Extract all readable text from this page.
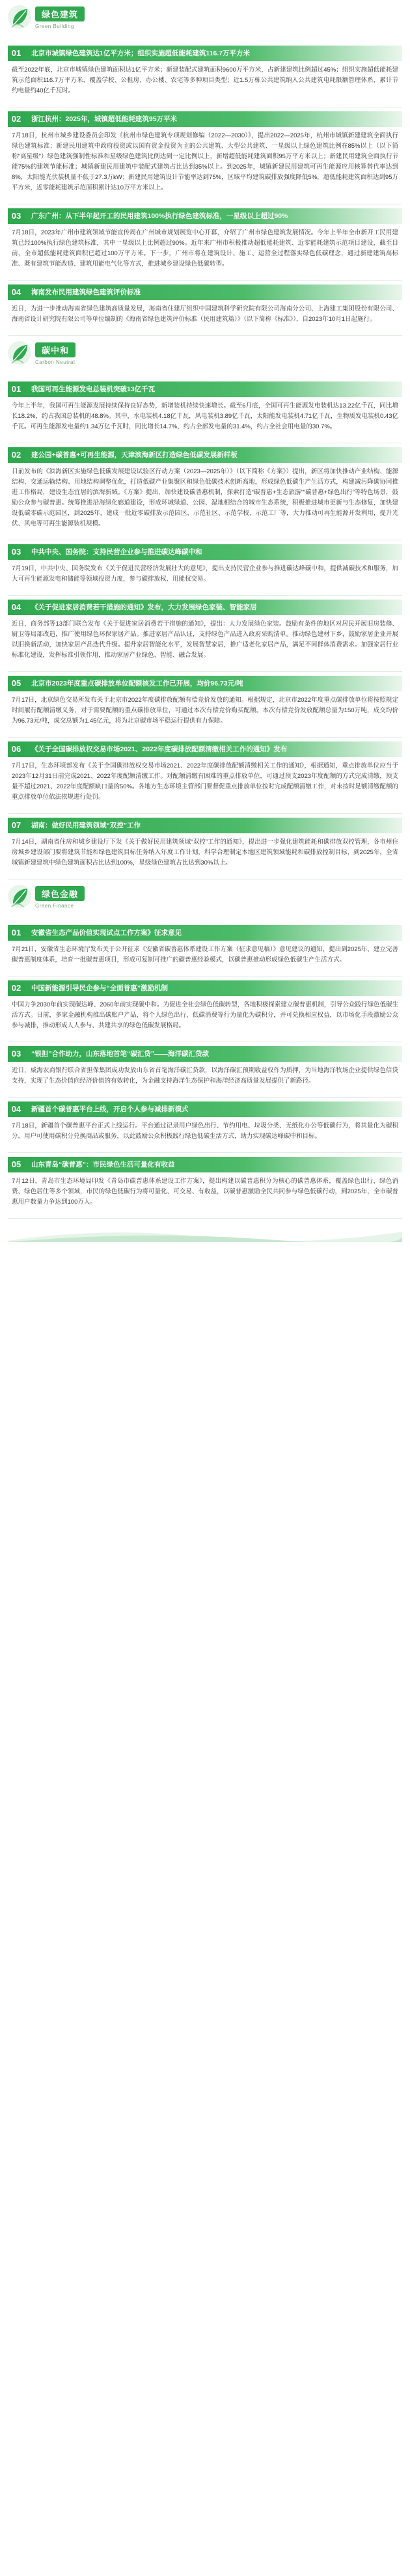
绿色建筑
Green Building
01	北京市城镇绿色建筑达1亿平方米；组织实施超低能耗建筑116.7万平方米

截至2022年底，北京市城镇绿色建筑面积达1亿平方米；新建装配式建筑面积9600万平方米，占新建建筑比例超过45%；组织实施超低能耗建筑示范面积116.7万平方米，覆盖学校、公租房、办公楼、农宅等多种项目类型；近1.5万栋公共建筑纳入公共建筑电耗限额管理体系，累计节约电量约40亿千瓦时。

02	浙江杭州：2025年，城镇超低能耗建筑95万平米

7月18日，杭州市城乡建设委员会印发《杭州市绿色建筑专项规划修编（2022—2030）》，提出2022—2025年，杭州市城镇新建建筑全面执行绿色建筑标准；新建民用建筑中政府投资或以国有资金投资为主的公共建筑、大型公共建筑、一星级以上绿色建筑比例在85%以上（以下简称“高星级”）绿色建筑强制性标准和星级绿色建筑比例达到一定比例以上，新增超低能耗建筑面积95万平方米以上；新建民用建筑全面执行节能75%的建筑节能标准；城镇新建民用建筑中装配式建筑占比达到35%以上。到2025年，城镇新建民用建筑可再生能源应用核算替代率达到8%，太阳能光伏装机量不低于27.3万kW；新建民用建筑设计节能率达到75%，区域平均建筑碳排放强度降低5%，超低能耗建筑面积达到95万平方米，近零能耗建筑示范面积累计达10万平方米以上。

03	广东广州：从下半年起开工的民用建筑100%执行绿色建筑标准，一星级以上超过90%

7月18日，2023年广州市建筑领域节能宣传周在广州城市规划展览中心开幕，介绍了广州市绿色建筑发展情况。今年上半年全市新开工民用建筑已经100%执行绿色建筑标准，其中一星级以上比例超过90%。近年来广州市积极推动超低能耗建筑、近零能耗建筑示范项目建设，截至目前，全市超低能耗建筑面积已超过100万平方米。下一步，广州市将在建筑设计、施工、运营全过程落实绿色低碳理念，通过新建建筑高标准、既有建筑节能改造、建筑用能电气化等方式，推进城乡建设绿色低碳转型。

04	海南发布民用建筑绿色建筑评价标准

近日，为进一步推动海南省绿色建筑高质量发展，海南省住建厅组织中国建筑科学研究院有限公司海南分公司、上海建工集团股份有限公司、海南省设计研究院有限公司等单位编制的《海南省绿色建筑评价标准（民用建筑篇）》（以下简称《标准》），自2023年10月1日起施行。

碳中和
Carbon Neutral
01	我国可再生能源发电总装机突破13亿千瓦

今年上半年，我国可再生能源发展持续保持良好态势，新增装机持续快速增长。截至6月底，全国可再生能源发电装机达13.22亿千瓦，同比增长18.2%，约占我国总装机的48.8%。其中，水电装机4.18亿千瓦，风电装机3.89亿千瓦，太阳能发电装机4.71亿千瓦，生物质发电装机0.43亿千瓦。可再生能源发电量约1.34万亿千瓦时，同比增长14.7%，约占全部发电量的31.4%，约占全社会用电量的30.7%。

02	建公园+碳普惠+可再生能源，天津滨海新区打造绿色低碳发展新样板

日前发布的《滨海新区实施绿色低碳发展建设试验区行动方案（2023—2025年）》（以下简称《方案》）提出，新区将加快推动产业结构、能源结构、交通运输结构、用地结构调整优化，打造低碳产业集聚区和绿色低碳技术创新高地，形成绿色低碳生产生活方式，构建减污降碳协同推进工作格局，建设生态宜居的滨海新城。《方案》提出，加快建设碳普惠机制，探索打造“碳普惠+生态旅游”“碳普惠+绿色出行”等特色场景，鼓励公众参与碳普惠。统筹推进沿海绿化廊道建设，形成环城绿道、公园、湿地相结合的城市生态系统，积极推进城市更新与生态修复，加快建设低碳零碳示范园区，到2025年，建成一批近零碳排放示范园区、示范社区、示范学校、示范工厂等，大力推动可再生能源开发利用，提升光伏、风电等可再生能源装机规模。

03	中共中央、国务院：支持民营企业参与推进碳达峰碳中和

7月19日，中共中央、国务院发布《关于促进民营经济发展壮大的意见》，提出支持民营企业参与推进碳达峰碳中和，提供减碳技术和服务，加大可再生能源发电和储能等领域投资力度，参与碳排放权、用能权交易。

04	《关于促进家居消费若干措施的通知》发布，大力发展绿色家装、智能家居

近日，商务部等13部门联合发布《关于促进家居消费若干措施的通知》，提出：大力发展绿色家装。鼓励有条件的地区对居民开展旧房装修、厨卫等局部改造，推广使用绿色环保家居产品。推进家居产品认证，支持绿色产品进入政府采购清单。推动绿色建材下乡，鼓励家居企业开展以旧换新活动，加快家居产品迭代升级。提升家居智能化水平，发展智慧家居，推广适老化家居产品，满足不同群体消费需求。加强家居行业标准化建设，发挥标准引领作用，推动家居产业绿色、智能、融合发展。

05	北京市2023年度重点碳排放单位配额核发工作已开展，均价96.73元/吨

7月17日，北京绿色交易所发布关于北京市2022年度碳排放配额有偿竞价发放的通知。根据规定，北京市2022年度重点碳排放单位将按照规定时间履行配额清缴义务，对于需要配额的重点碳排放单位，可通过本次有偿竞价购买配额。本次有偿竞价发放配额总量为150万吨，成交均价为96.73元/吨，成交总额为1.45亿元，将为北京碳市场平稳运行提供有力保障。

06	《关于全国碳排放权交易市场2021、2022年度碳排放配额清缴相关工作的通知》发布

7月17日，生态环境部发布《关于全国碳排放权交易市场2021、2022年度碳排放配额清缴相关工作的通知》，根据通知，重点排放单位应当于2023年12月31日前完成2021、2022年度配额清缴工作。对配额清缴有困难的重点排放单位，可通过预支2023年度配额的方式完成清缴，预支量不超过2021、2022年度配额缺口量的50%。各地方生态环境主管部门要督促重点排放单位按时完成配额清缴工作，对未按时足额清缴配额的重点排放单位依法依规进行处罚。

07	湖南：做好民用建筑领域“双控”工作

7月14日，湖南省住房和城乡建设厅下发《关于做好民用建筑领域“双控”工作的通知》，提出进一步强化建筑能耗和碳排放双控管理，各市州住房城乡建设部门要将建筑节能和绿色建筑目标任务纳入年度工作计划，科学合理制定本地区建筑领域能耗和碳排放控制目标，到2025年，全省城镇新建建筑中绿色建筑面积占比达到100%，星级绿色建筑占比达到30%以上。

绿色金融
Green Finance
01	安徽省生态产品价值实现试点工作方案》征求意见

7月21日，安徽省生态环境厅发布关于公开征求《安徽省碳普惠体系建设工作方案（征求意见稿）》意见建议的通知，提出到2025年，建立完善碳普惠制度体系，培育一批碳普惠项目，形成可复制可推广的碳普惠经验模式，以碳普惠推动形成绿色低碳生产生活方式。

02	中国新能源引导民企参与“全面普惠”激励机制

中国力争2030年前实现碳达峰、2060年前实现碳中和。为促进全社会绿色低碳转型，各地积极探索建立碳普惠机制，引导公众践行绿色低碳生活方式。日前，多家金融机构推出碳账户产品，将个人绿色出行、低碳消费等行为量化为碳积分，并可兑换相应权益，以市场化手段激励公众参与减排，推动形成人人参与、共建共享的绿色低碳发展格局。

03	“银担”合作助力，山东落地首笔“碳汇贷”——海洋碳汇贷款

近日，威海农商银行联合省担保集团成功发放山东省首笔海洋碳汇贷款，以海洋碳汇预期收益权作为质押，为当地海洋牧场企业提供绿色信贷支持，实现了生态价值向经济价值的有效转化，为金融支持海洋生态保护和海洋经济高质量发展提供了新路径。

04	新疆首个碳普惠平台上线，开启个人参与减排新模式

7月18日，新疆首个碳普惠平台正式上线运行。平台通过记录用户绿色出行、节约用电、垃圾分类、无纸化办公等低碳行为，将其量化为碳积分，用户可使用碳积分兑换商品或服务，以此鼓励公众积极践行绿色低碳生活方式，助力实现碳达峰碳中和目标。

05	山东青岛“碳普惠”：市民绿色生活可量化有收益

7月12日，青岛市生态环境局印发《青岛市碳普惠体系建设工作方案》，提出构建以碳普惠积分为核心的碳普惠体系，覆盖绿色出行、绿色消费、绿色居住等多个领域，市民的绿色低碳行为将可量化、可交易、有收益，以碳普惠激励全民共同参与绿色低碳行动，到2025年，全市碳普惠用户数量力争达到100万人。
